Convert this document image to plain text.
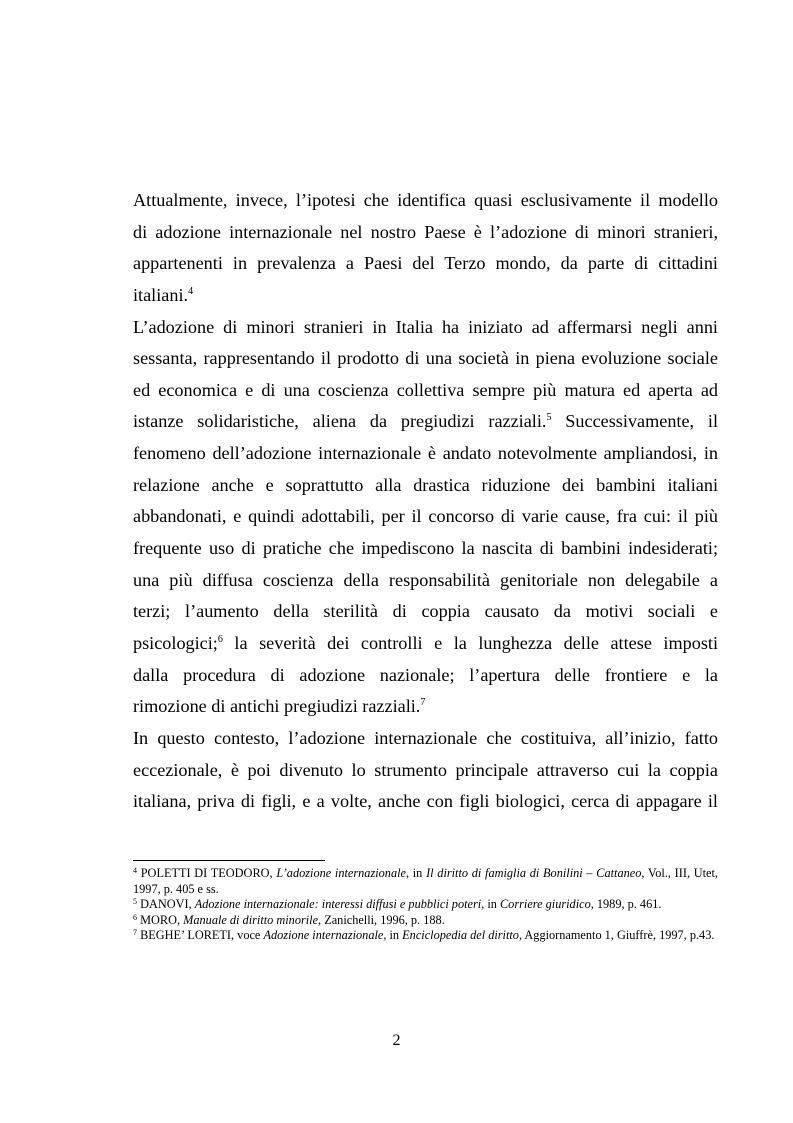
Attualmente, invece, l’ipotesi che identifica quasi esclusivamente il modello
di adozione internazionale nel nostro Paese è l’adozione di minori stranieri,
appartenenti in prevalenza a Paesi del Terzo mondo, da parte di cittadini
italiani.$^4$
L’adozione di minori stranieri in Italia ha iniziato ad affermarsi negli anni
sessanta, rappresentando il prodotto di una società in piena evoluzione sociale
ed economica e di una coscienza collettiva sempre più matura ed aperta ad
istanze solidaristiche, aliena da pregiudizi razziali.$^5$ Successivamente, il
fenomeno dell’adozione internazionale è andato notevolmente ampliandosi, in
relazione anche e soprattutto alla drastica riduzione dei bambini italiani
abbandonati, e quindi adottabili, per il concorso di varie cause, fra cui: il più
frequente uso di pratiche che impediscono la nascita di bambini indesiderati;
una più diffusa coscienza della responsabilità genitoriale non delegabile a
terzi; l’aumento della sterilità di coppia causato da motivi sociali e
psicologici;$^6$ la severità dei controlli e la lunghezza delle attese imposti
dalla procedura di adozione nazionale; l’apertura delle frontiere e la
rimozione di antichi pregiudizi razziali.$^7$
In questo contesto, l’adozione internazionale che costituiva, all’inizio, fatto
eccezionale, è poi divenuto lo strumento principale attraverso cui la coppia
italiana, priva di figli, e a volte, anche con figli biologici, cerca di appagare il
$^4$ POLETTI DI TEODORO, L’adozione internazionale, in Il diritto di famiglia di Bonilini – Cattaneo, Vol., III, Utet, 1997, p. 405 e ss.
$^5$ DANOVI, Adozione internazionale: interessi diffusi e pubblici poteri, in Corriere giuridico, 1989, p. 461.
$^6$ MORO, Manuale di diritto minorile, Zanichelli, 1996, p. 188.
$^7$ BEGHE’ LORETI, voce Adozione internazionale, in Enciclopedia del diritto, Aggiornamento 1, Giuffrè, 1997, p.43.
2
